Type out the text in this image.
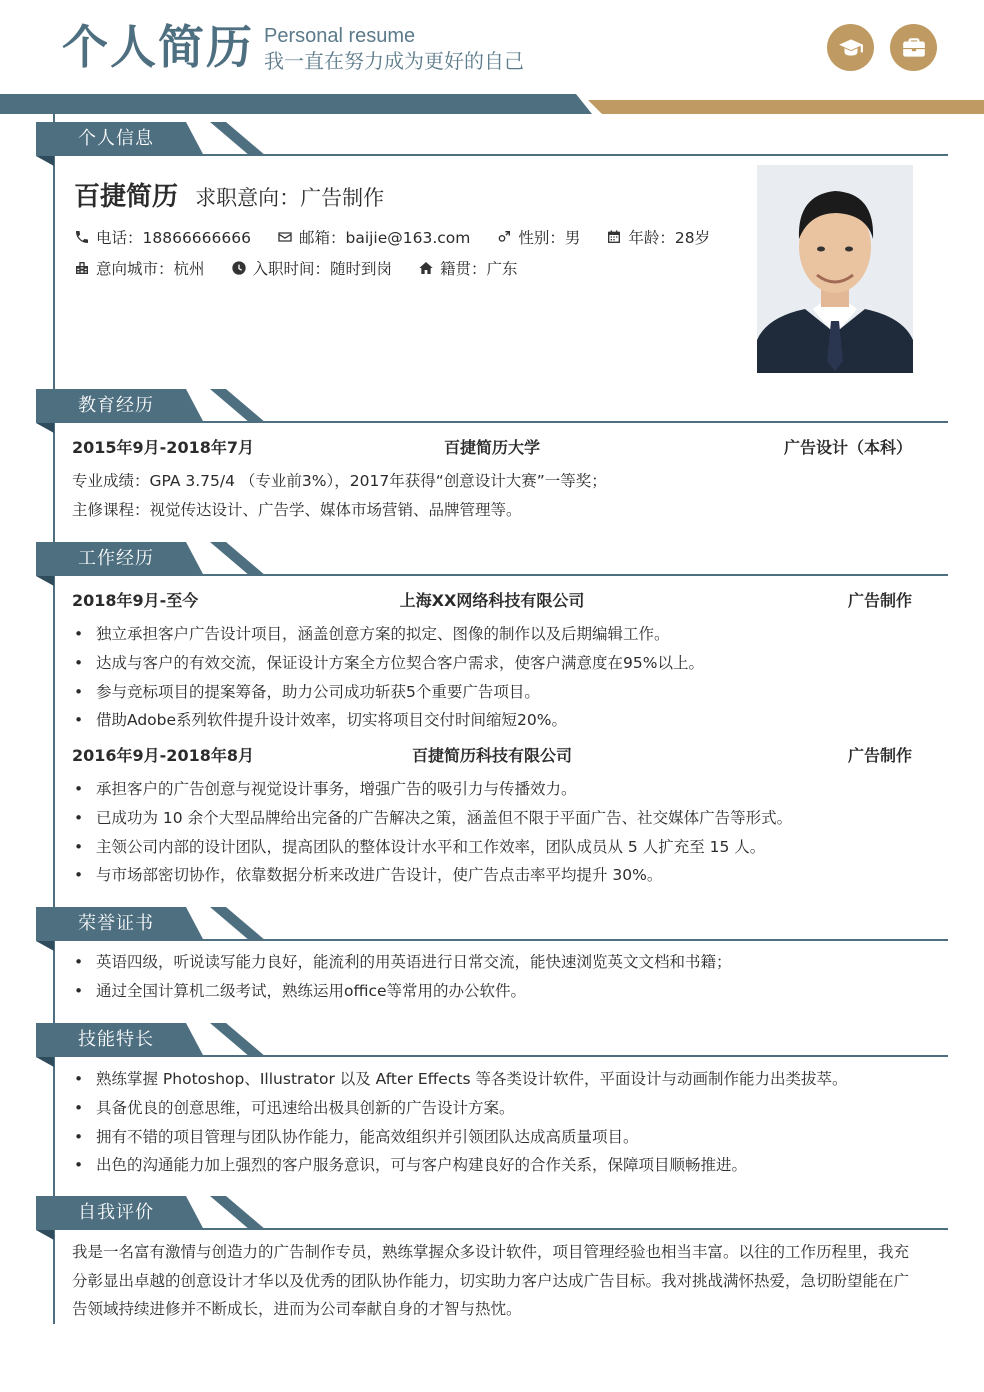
个人简历 Personal resume
我一直在努力成为更好的自己
个人信息
百捷简历 求职意向：广告制作
电话：18866666666	邮箱：baijie@163.com	性别：男	年龄：28岁
意向城市：杭州	入职时间：随时到岗	籍贯：广东
教育经历
2015年9月-2018年7月	百捷简历大学	广告设计（本科）
专业成绩：GPA 3.75/4 （专业前3%），2017年获得“创意设计大赛”一等奖；
主修课程：视觉传达设计、广告学、媒体市场营销、品牌管理等。
工作经历
2018年9月-至今	上海XX网络科技有限公司	广告制作
• 独立承担客户广告设计项目，涵盖创意方案的拟定、图像的制作以及后期编辑工作。
• 达成与客户的有效交流，保证设计方案全方位契合客户需求，使客户满意度在95%以上。
• 参与竞标项目的提案筹备，助力公司成功斩获5个重要广告项目。
• 借助Adobe系列软件提升设计效率，切实将项目交付时间缩短20%。
2016年9月-2018年8月	百捷简历科技有限公司	广告制作
• 承担客户的广告创意与视觉设计事务，增强广告的吸引力与传播效力。
• 已成功为 10 余个大型品牌给出完备的广告解决之策，涵盖但不限于平面广告、社交媒体广告等形式。
• 主领公司内部的设计团队，提高团队的整体设计水平和工作效率，团队成员从 5 人扩充至 15 人。
• 与市场部密切协作，依靠数据分析来改进广告设计，使广告点击率平均提升 30%。
荣誉证书
• 英语四级，听说读写能力良好，能流利的用英语进行日常交流，能快速浏览英文文档和书籍；
• 通过全国计算机二级考试，熟练运用office等常用的办公软件。
技能特长
• 熟练掌握 Photoshop、Illustrator 以及 After Effects 等各类设计软件，平面设计与动画制作能力出类拔萃。
• 具备优良的创意思维，可迅速给出极具创新的广告设计方案。
• 拥有不错的项目管理与团队协作能力，能高效组织并引领团队达成高质量项目。
• 出色的沟通能力加上强烈的客户服务意识，可与客户构建良好的合作关系，保障项目顺畅推进。
自我评价
我是一名富有激情与创造力的广告制作专员，熟练掌握众多设计软件，项目管理经验也相当丰富。以往的工作历程里，我充分彰显出卓越的创意设计才华以及优秀的团队协作能力，切实助力客户达成广告目标。我对挑战满怀热爱，急切盼望能在广告领域持续进修并不断成长，进而为公司奉献自身的才智与热忱。
